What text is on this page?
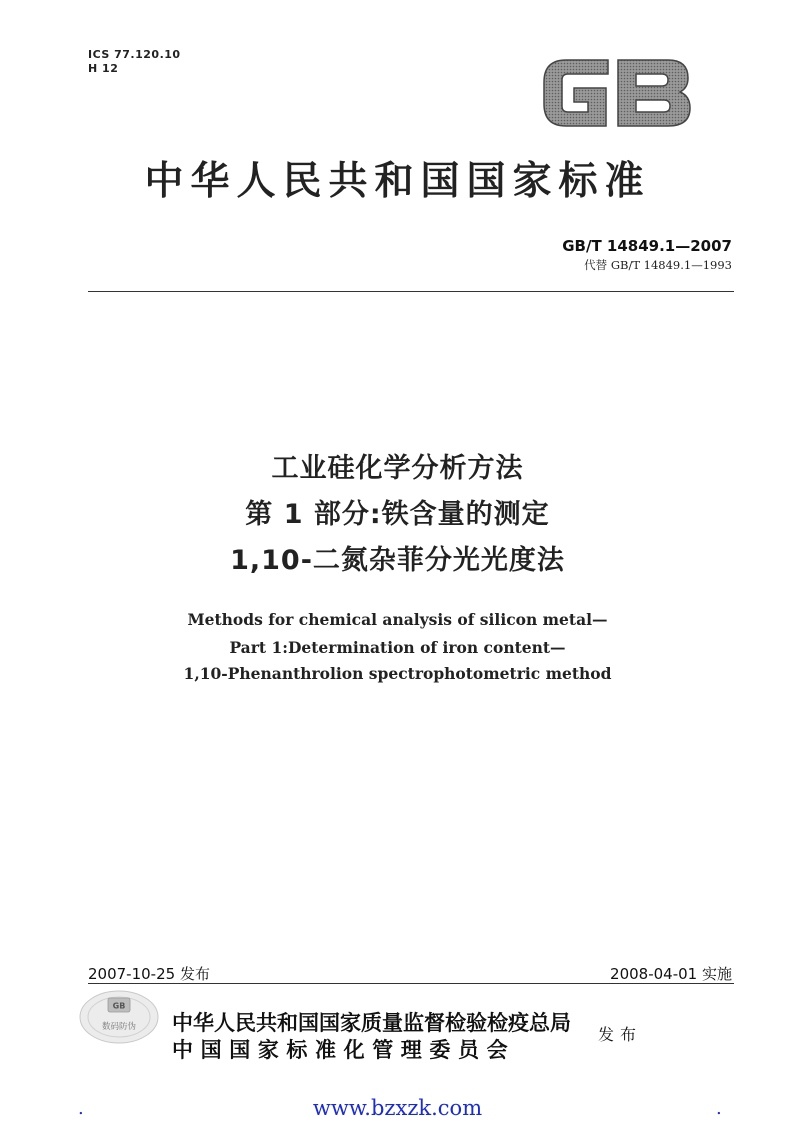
ICS 77.120.10
H 12
GB
中华人民共和国国家标准
GB/T 14849.1—2007
代替 GB/T 14849.1—1993
工业硅化学分析方法
第 1 部分:铁含量的测定
1,10-二氮杂菲分光光度法
Methods for chemical analysis of silicon metal—
Part 1:Determination of iron content—
1,10-Phenanthrolion spectrophotometric method
2007-10-25 发布	2008-04-01 实施
GB
数码防伪 中华人民共和国国家质量监督检验检疫总局
中国国家标准化管理委员会
发布
.	www.bzxzk.com	.
